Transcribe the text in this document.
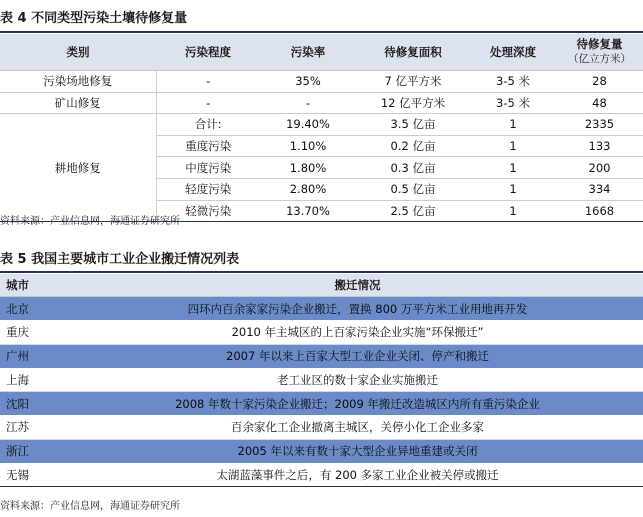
表 4 不同类型污染土壤待修复量
类别	污染程度	污染率	待修复面积	处理深度	待修复量
（亿立方米）

污染场地修复	-	35%	7 亿平方米	3-5 米	28
矿山修复	-	-	12 亿平方米	3-5 米	48
耕地修复	合计:	19.40%	3.5 亿亩	1	2335
	重度污染	1.10%	0.2 亿亩	1	133
	中度污染	1.80%	0.3 亿亩	1	200
	轻度污染	2.80%	0.5 亿亩	1	334
	轻微污染	13.70%	2.5 亿亩	1	1668
资料来源：产业信息网，海通证券研究所
表 5 我国主要城市工业企业搬迁情况列表
城市	搬迁情况
北京	四环内百余家家污染企业搬迁，置换 800 万平方米工业用地再开发
重庆	2010 年主城区的上百家污染企业实施“环保搬迁”
广州	2007 年以来上百家大型工业企业关闭、停产和搬迁
上海	老工业区的数十家企业实施搬迁
沈阳	2008 年数十家污染企业搬迁；2009 年搬迁改造城区内所有重污染企业
江苏	百余家化工企业撤离主城区，关停小化工企业多家
浙江	2005 年以来有数十家大型企业异地重建或关闭
无锡	太湖蓝藻事件之后，有 200 多家工业企业被关停或搬迁
资料来源：产业信息网，海通证券研究所
